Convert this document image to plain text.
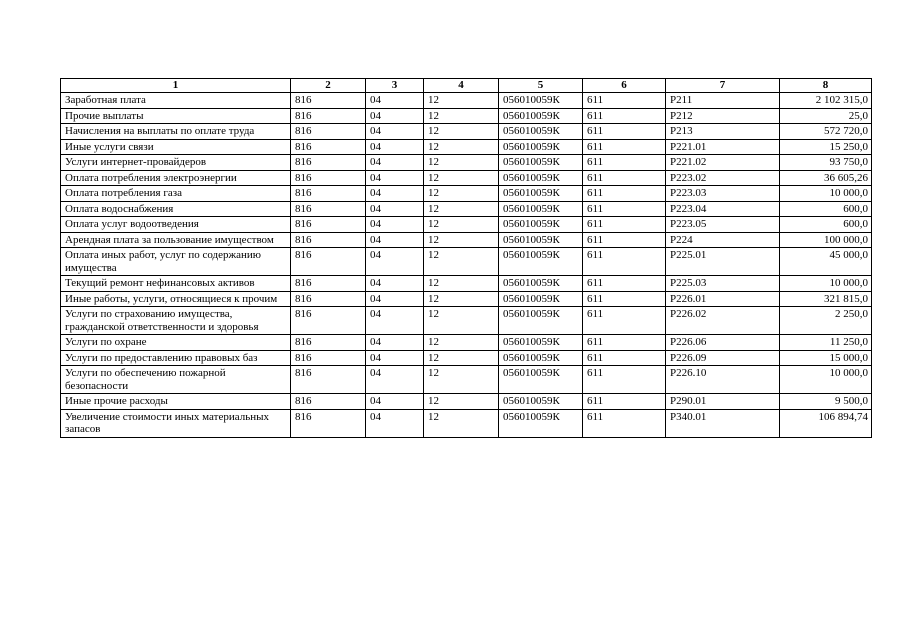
1	2	3	4	5	6	7	8
Заработная плата	816	04	12	056010059К	611	Р211	2 102 315,0
Прочие выплаты	816	04	12	056010059К	611	Р212	25,0
Начисления на выплаты по оплате труда	816	04	12	056010059К	611	Р213	572 720,0
Иные услуги связи	816	04	12	056010059К	611	Р221.01	15 250,0
Услуги интернет-провайдеров	816	04	12	056010059К	611	Р221.02	93 750,0
Оплата потребления электроэнергии	816	04	12	056010059К	611	Р223.02	36 605,26
Оплата потребления газа	816	04	12	056010059К	611	Р223.03	10 000,0
Оплата водоснабжения	816	04	12	056010059К	611	Р223.04	600,0
Оплата услуг водоотведения	816	04	12	056010059К	611	Р223.05	600,0
Арендная плата за пользование имуществом	816	04	12	056010059К	611	Р224	100 000,0
Оплата иных работ, услуг по содержанию имущества	816	04	12	056010059К	611	Р225.01	45 000,0
Текущий ремонт нефинансовых активов	816	04	12	056010059К	611	Р225.03	10 000,0
Иные работы, услуги, относящиеся к прочим	816	04	12	056010059К	611	Р226.01	321 815,0
Услуги по страхованию имущества, гражданской ответственности и здоровья	816	04	12	056010059К	611	Р226.02	2 250,0
Услуги по охране	816	04	12	056010059К	611	Р226.06	11 250,0
Услуги по предоставлению правовых баз	816	04	12	056010059К	611	Р226.09	15 000,0
Услуги по обеспечению пожарной безопасности	816	04	12	056010059К	611	Р226.10	10 000,0
Иные прочие расходы	816	04	12	056010059К	611	Р290.01	9 500,0
Увеличение стоимости иных материальных запасов	816	04	12	056010059К	611	Р340.01	106 894,74
